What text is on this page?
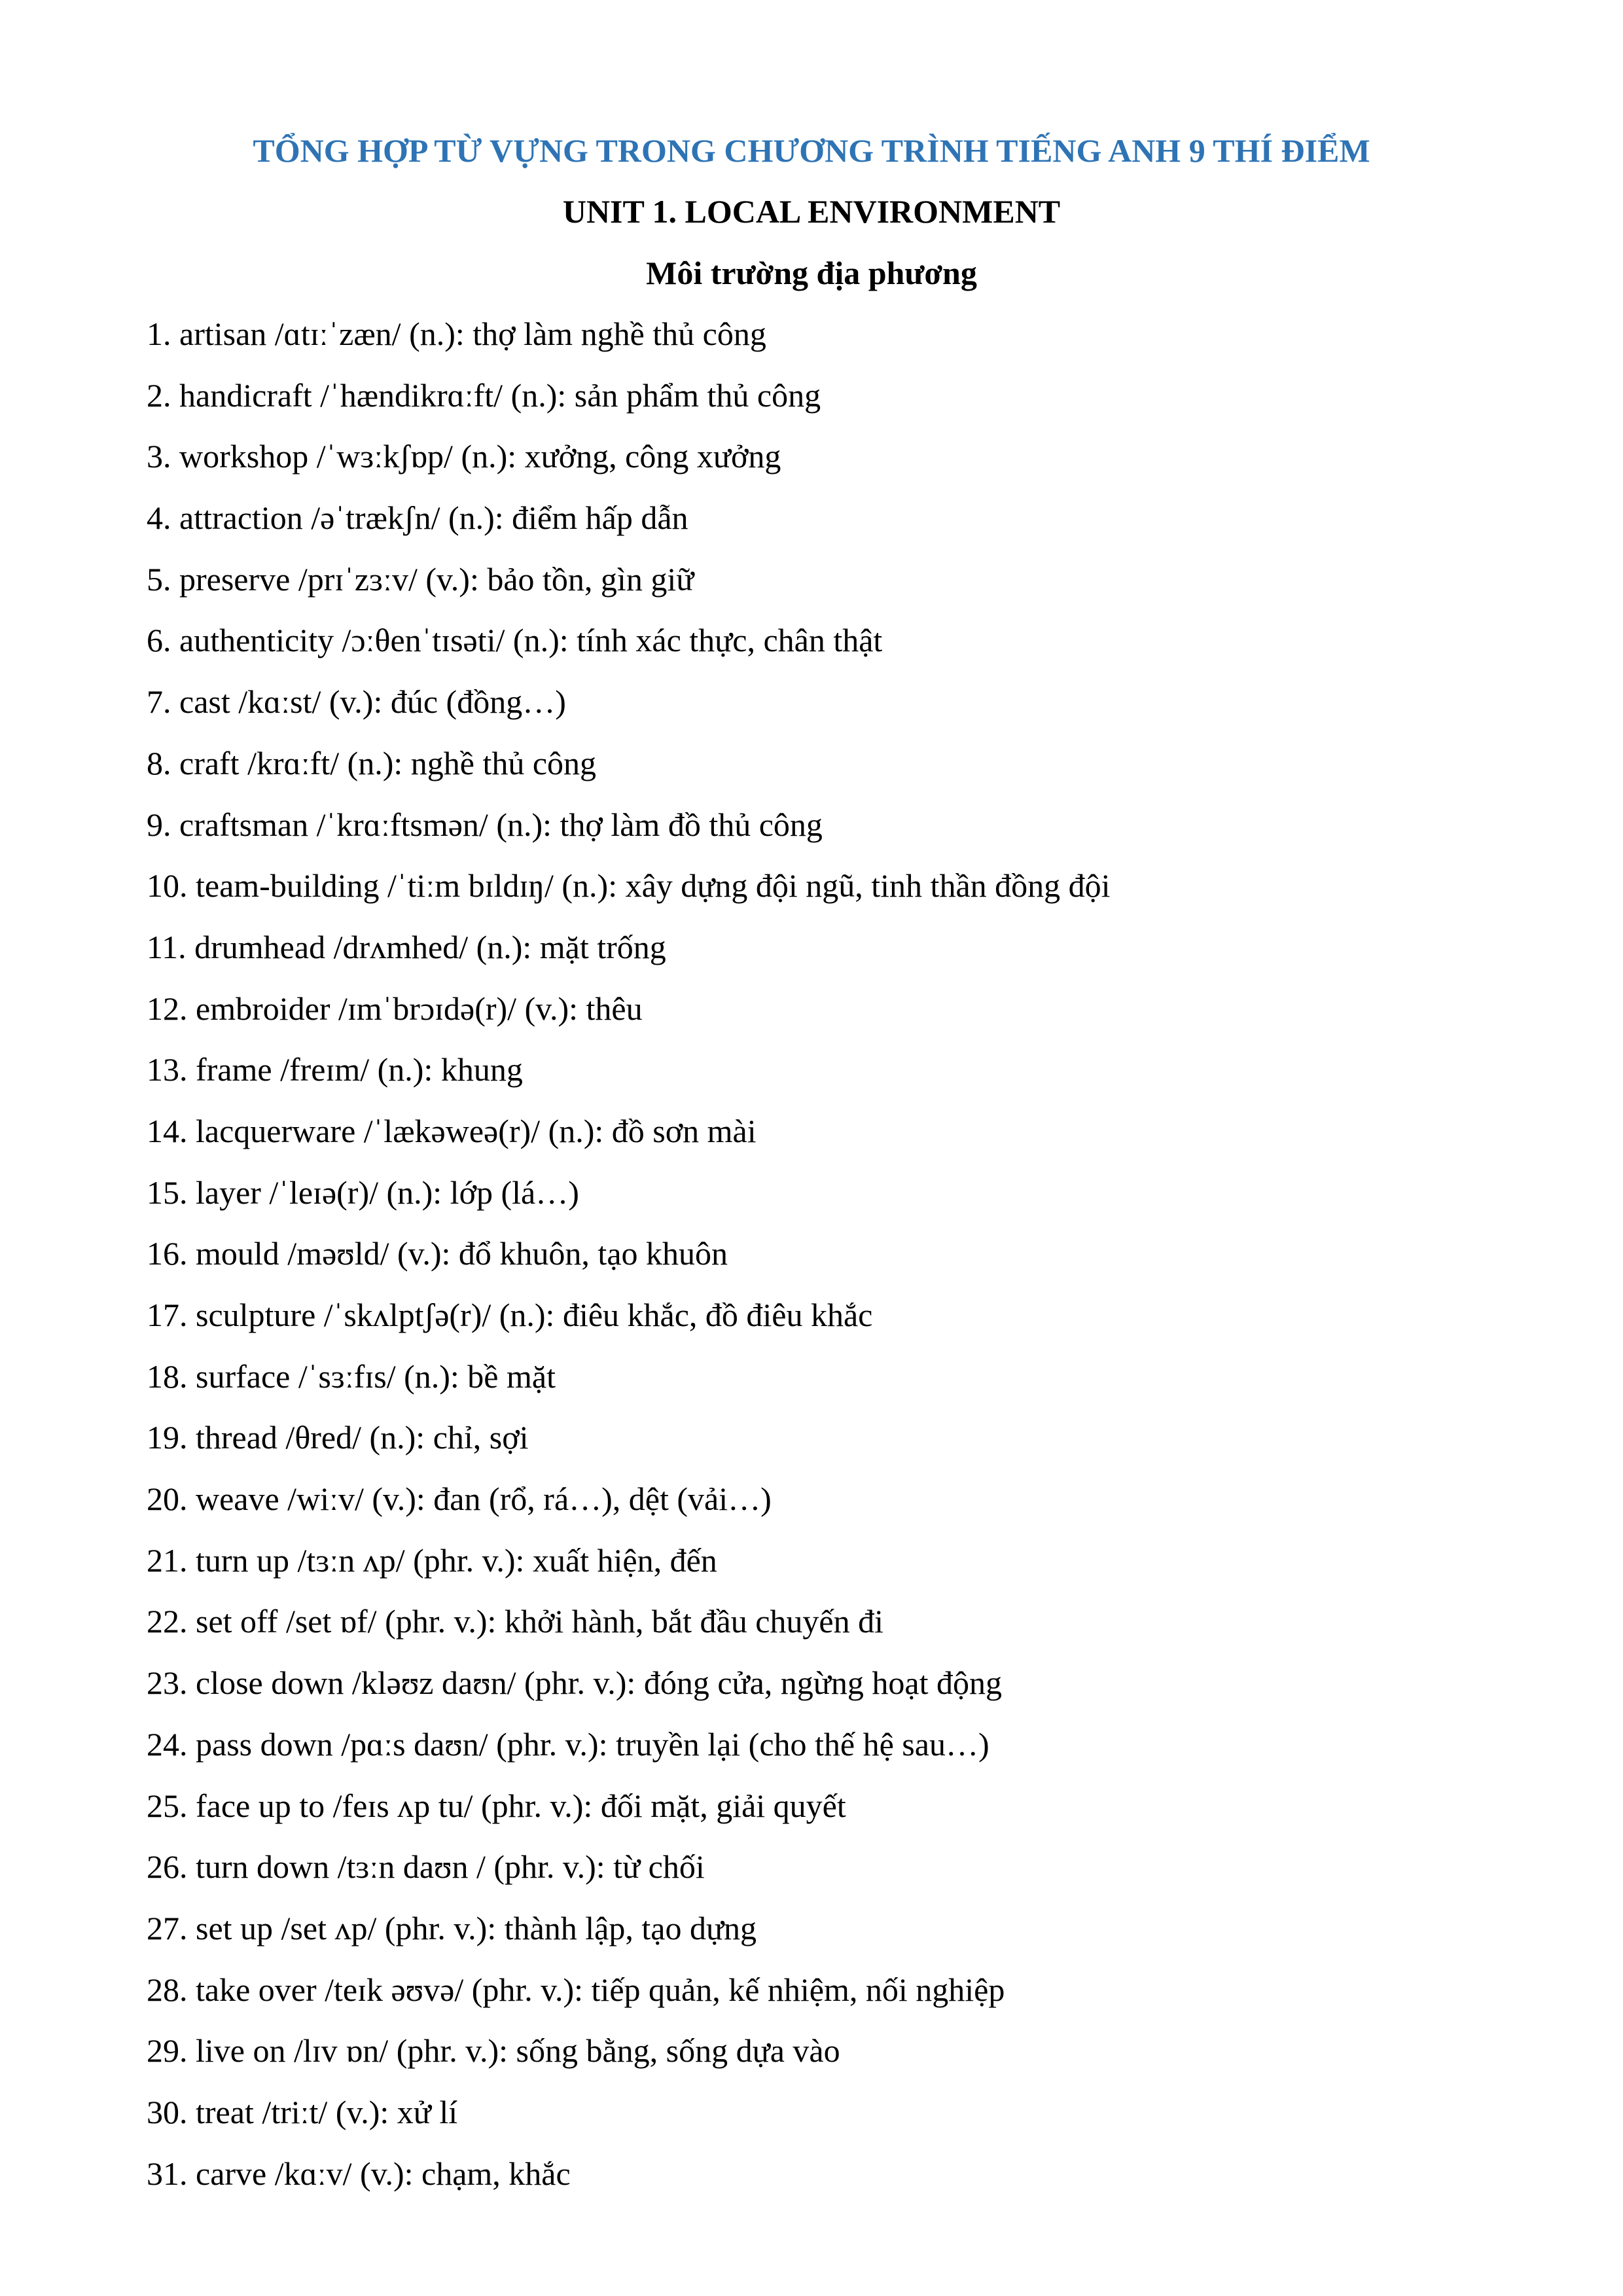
TỔNG HỢP TỪ VỰNG TRONG CHƯƠNG TRÌNH TIẾNG ANH 9 THÍ ĐIỂM
UNIT 1. LOCAL ENVIRONMENT
Môi trường địa phương
1. artisan /ɑtɪːˈzæn/ (n.): thợ làm nghề thủ công
2. handicraft /ˈhændikrɑːft/ (n.): sản phẩm thủ công
3. workshop /ˈwɜːkʃɒp/ (n.): xưởng, công xưởng
4. attraction /əˈtrækʃn/ (n.): điểm hấp dẫn
5. preserve /prɪˈzɜːv/ (v.): bảo tồn, gìn giữ
6. authenticity /ɔːθenˈtɪsəti/ (n.): tính xác thực, chân thật
7. cast /kɑːst/ (v.): đúc (đồng…)
8. craft /krɑːft/ (n.): nghề thủ công
9. craftsman /ˈkrɑːftsmən/ (n.): thợ làm đồ thủ công
10. team-building /ˈtiːm bɪldɪŋ/ (n.): xây dựng đội ngũ, tinh thần đồng đội
11. drumhead /drʌmhed/ (n.): mặt trống
12. embroider /ɪmˈbrɔɪdə(r)/ (v.): thêu
13. frame /freɪm/ (n.): khung
14. lacquerware /ˈlækəweə(r)/ (n.): đồ sơn mài
15. layer /ˈleɪə(r)/ (n.): lớp (lá…)
16. mould /məʊld/ (v.): đổ khuôn, tạo khuôn
17. sculpture /ˈskʌlptʃə(r)/ (n.): điêu khắc, đồ điêu khắc
18. surface /ˈsɜːfɪs/ (n.): bề mặt
19. thread /θred/ (n.): chỉ, sợi
20. weave /wiːv/ (v.): đan (rổ, rá…), dệt (vải…)
21. turn up /tɜːn ʌp/ (phr. v.): xuất hiện, đến
22. set off /set ɒf/ (phr. v.): khởi hành, bắt đầu chuyến đi
23. close down /kləʊz daʊn/ (phr. v.): đóng cửa, ngừng hoạt động
24. pass down /pɑːs daʊn/ (phr. v.): truyền lại (cho thế hệ sau…)
25. face up to /feɪs ʌp tu/ (phr. v.): đối mặt, giải quyết
26. turn down /tɜːn daʊn / (phr. v.): từ chối
27. set up /set ʌp/ (phr. v.): thành lập, tạo dựng
28. take over /teɪk əʊvə/ (phr. v.): tiếp quản, kế nhiệm, nối nghiệp
29. live on /lɪv ɒn/ (phr. v.): sống bằng, sống dựa vào
30. treat /triːt/ (v.): xử lí
31. carve /kɑːv/ (v.): chạm, khắc
